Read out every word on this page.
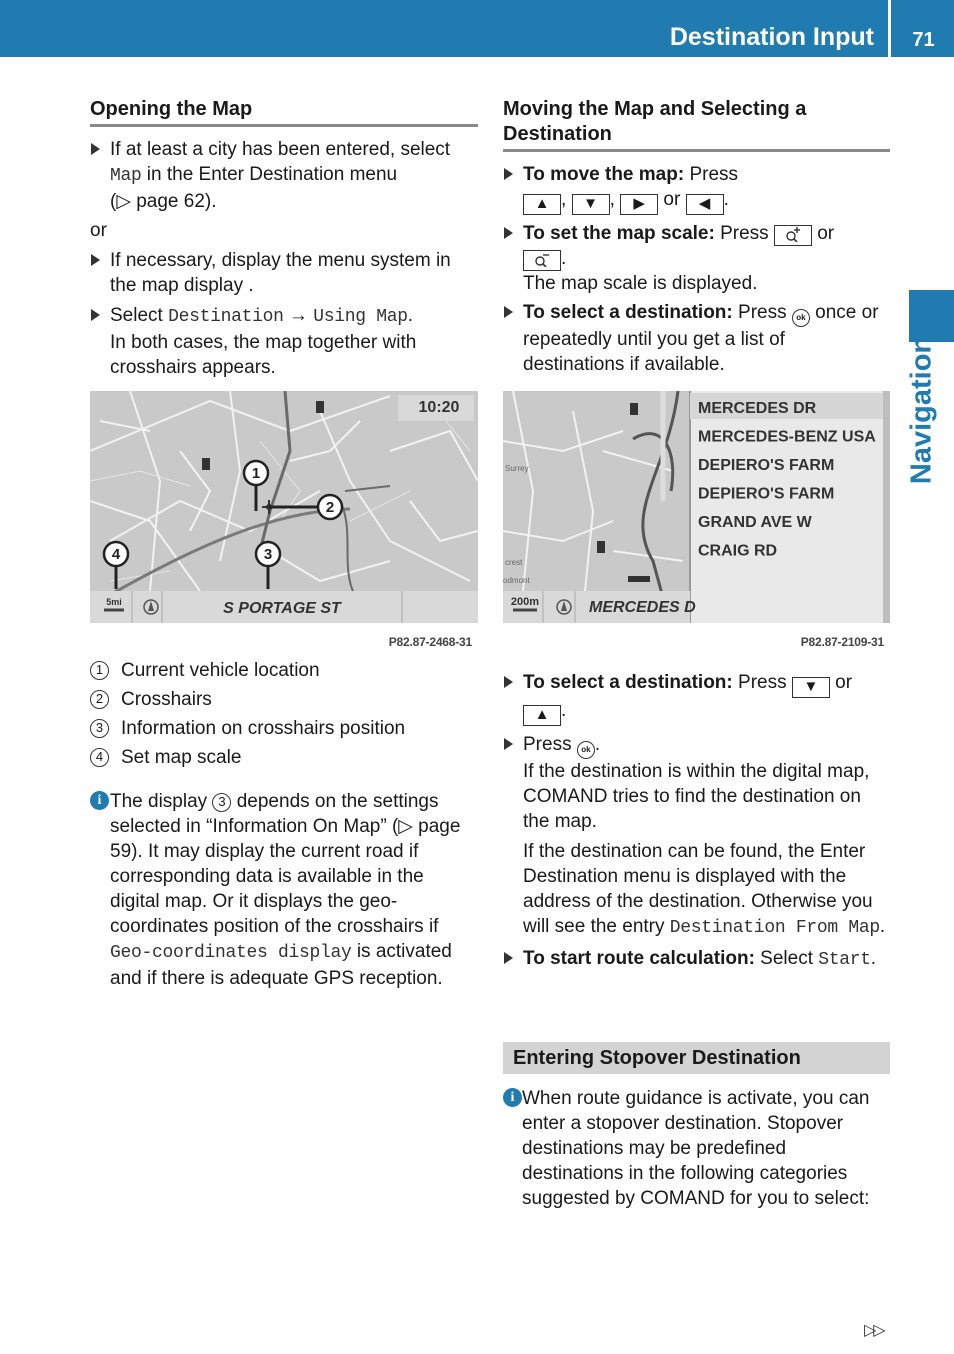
Destination Input	71
Navigation
Opening the Map
If at least a city has been entered, select Map in the Enter Destination menu
(▷ page 62).
or
If necessary, display the menu system in the map display .
Select Destination → Using Map.
In both cases, the map together with crosshairs appears.
1
2
3
4
10:20
S PORTAGE ST
5mi
P82.87-2468-31
1 Current vehicle location
2 Crosshairs
3 Information on crosshairs position
4 Set map scale
i The display 3 depends on the settings selected in “Information On Map” (▷ page 59). It may display the current road if corresponding data is available in the digital map. Or it displays the geo-coordinates position of the crosshairs if Geo-coordinates display is activated and if there is adequate GPS reception.
Moving the Map and Selecting a Destination
To move the map: Press
▲ , ▼ , ▶ or ◀ .
To set the map scale: Press  or
.
The map scale is displayed.
To select a destination: Press ok once or repeatedly until you get a list of destinations if available.
MERCEDES DR
MERCEDES-BENZ USA
DEPIERO'S FARM
DEPIERO'S FARM
GRAND AVE W
CRAIG RD
200m	MERCEDES D
Surrey
crest
odmont
P82.87-2109-31
To select a destination: Press ▼ or
▲ .
Press ok .
If the destination is within the digital map, COMAND tries to find the destination on the map.
If the destination can be found, the Enter Destination menu is displayed with the address of the destination. Otherwise you will see the entry Destination From Map.
To start route calculation: Select Start.
Entering Stopover Destination
i When route guidance is activate, you can enter a stopover destination. Stopover destinations may be predefined destinations in the following categories suggested by COMAND for you to select:
▷▷
